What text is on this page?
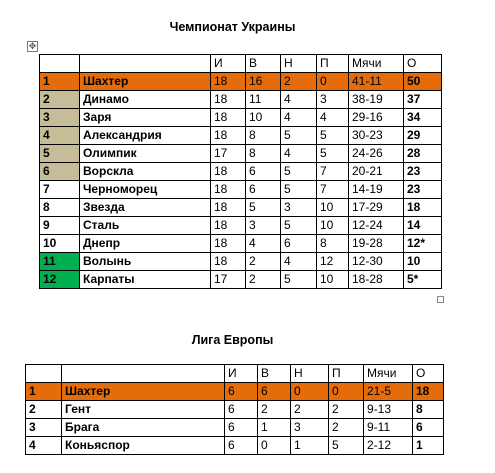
Чемпионат Украины
✥
		И	В	Н	П	Мячи	О
1	Шахтер	18	16	2	0	41-11	50
2	Динамо	18	11	4	3	38-19	37
3	Заря	18	10	4	4	29-16	34
4	Александрия	18	8	5	5	30-23	29
5	Олимпик	17	8	4	5	24-26	28
6	Ворскла	18	6	5	7	20-21	23
7	Черноморец	18	6	5	7	14-19	23
8	Звезда	18	5	3	10	17-29	18
9	Сталь	18	3	5	10	12-24	14
10	Днепр	18	4	6	8	19-28	12*
11	Волынь	18	2	4	12	12-30	10
12	Карпаты	17	2	5	10	18-28	5*
Лига Европы
		И	В	Н	П	Мячи	О
1	Шахтер	6	6	0	0	21-5	18
2	Гент	6	2	2	2	9-13	8
3	Брага	6	1	3	2	9-11	6
4	Коньяспор	6	0	1	5	2-12	1
